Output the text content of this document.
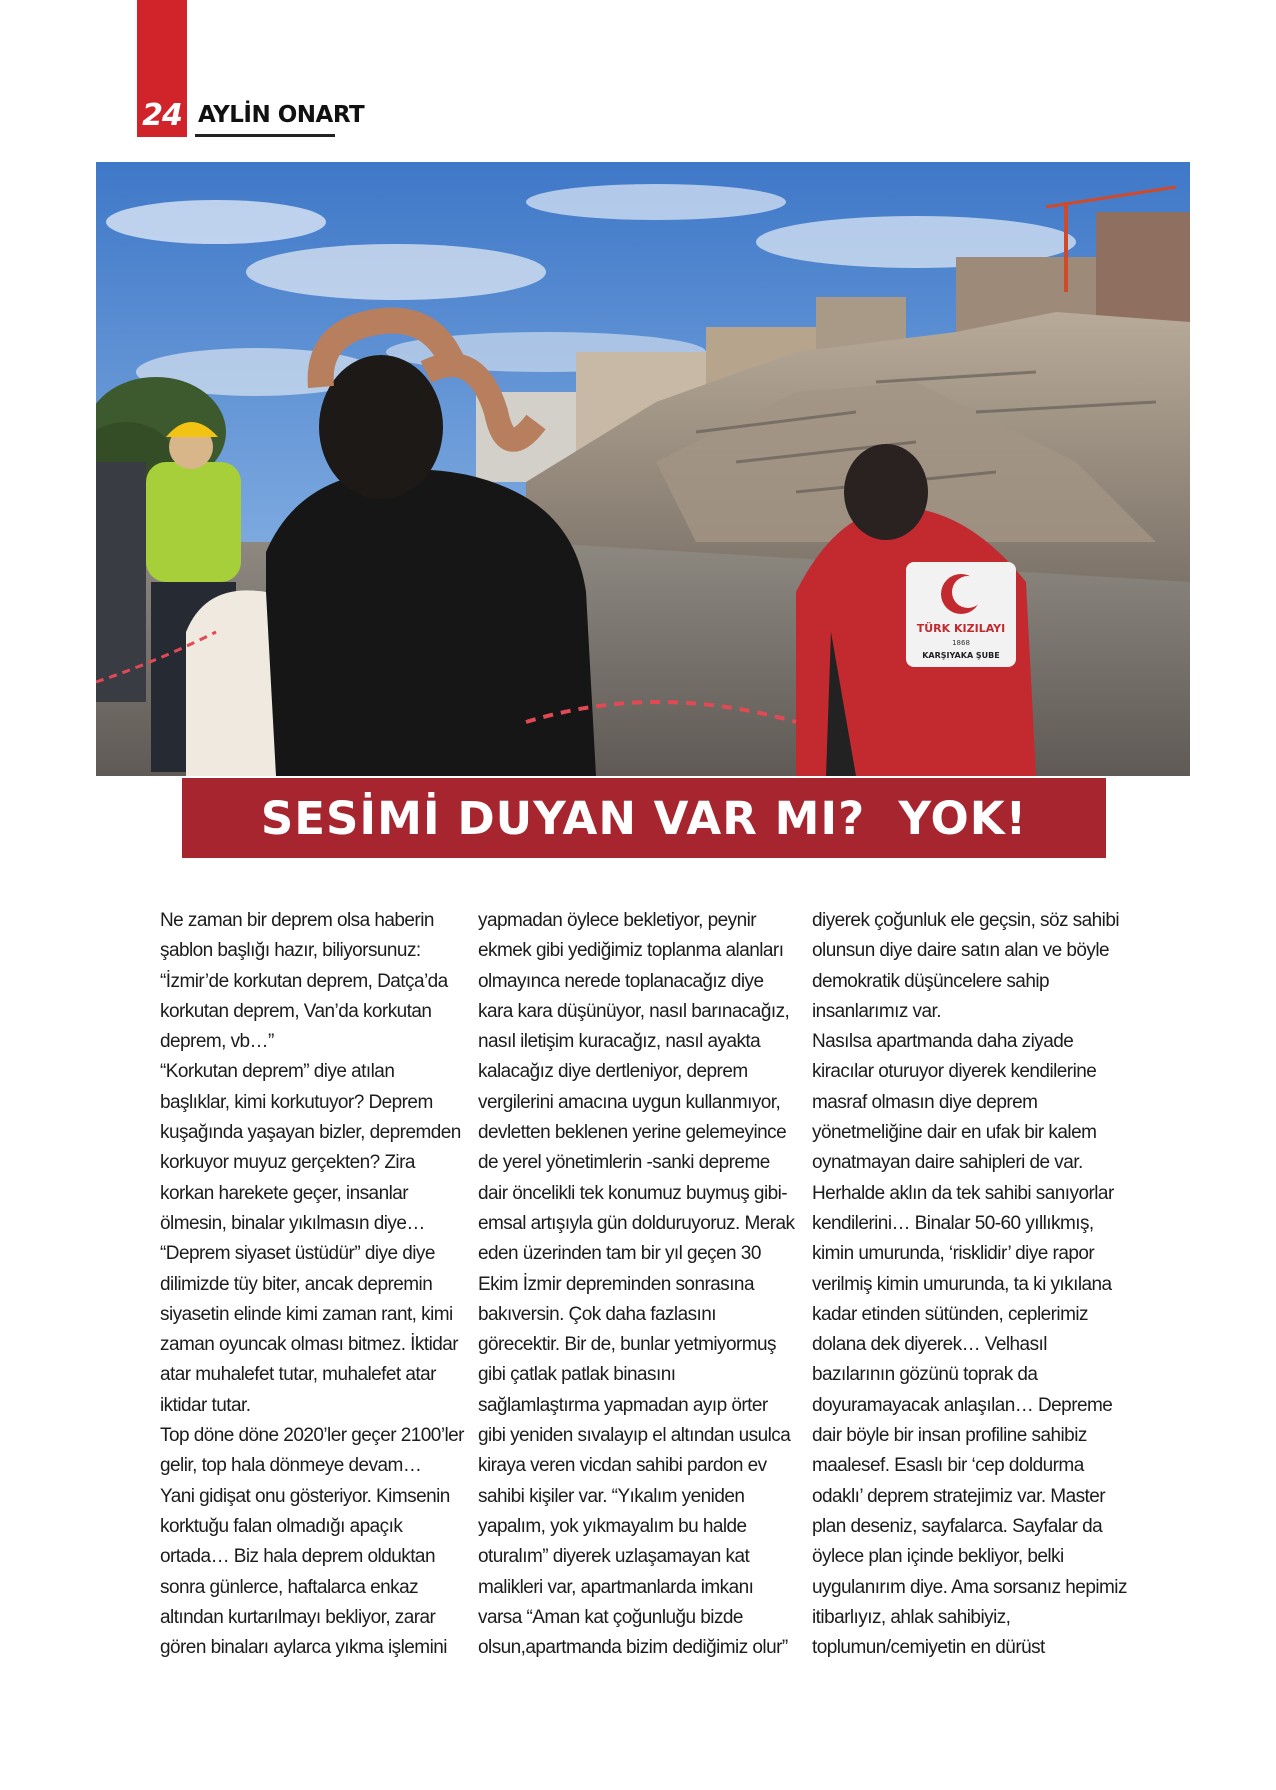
24 AYLİN ONART
TÜRK KIZILAYI
1868
KARŞIYAKA ŞUBE
SESİMİ DUYAN VAR MI?  YOK!
Ne zaman bir deprem olsa haberin
şablon başlığı hazır, biliyorsunuz:
“İzmir’de korkutan deprem, Datça’da
korkutan deprem, Van’da korkutan
deprem, vb…”
“Korkutan deprem” diye atılan
başlıklar, kimi korkutuyor? Deprem
kuşağında yaşayan bizler, depremden
korkuyor muyuz gerçekten? Zira
korkan harekete geçer, insanlar
ölmesin, binalar yıkılmasın diye…
“Deprem siyaset üstüdür” diye diye
dilimizde tüy biter, ancak depremin
siyasetin elinde kimi zaman rant, kimi
zaman oyuncak olması bitmez. İktidar
atar muhalefet tutar, muhalefet atar
iktidar tutar.
Top döne döne 2020’ler geçer 2100’ler
gelir, top hala dönmeye devam…
Yani gidişat onu gösteriyor. Kimsenin
korktuğu falan olmadığı apaçık
ortada… Biz hala deprem olduktan
sonra günlerce, haftalarca enkaz
altından kurtarılmayı bekliyor, zarar
gören binaları aylarca yıkma işlemini
yapmadan öylece bekletiyor, peynir
ekmek gibi yediğimiz toplanma alanları
olmayınca nerede toplanacağız diye
kara kara düşünüyor, nasıl barınacağız,
nasıl iletişim kuracağız, nasıl ayakta
kalacağız diye dertleniyor, deprem
vergilerini amacına uygun kullanmıyor,
devletten beklenen yerine gelemeyince
de yerel yönetimlerin -sanki depreme
dair öncelikli tek konumuz buymuş gibi-
emsal artışıyla gün dolduruyoruz. Merak
eden üzerinden tam bir yıl geçen 30
Ekim İzmir depreminden sonrasına
bakıversin. Çok daha fazlasını
görecektir. Bir de, bunlar yetmiyormuş
gibi çatlak patlak binasını
sağlamlaştırma yapmadan ayıp örter
gibi yeniden sıvalayıp el altından usulca
kiraya veren vicdan sahibi pardon ev
sahibi kişiler var. “Yıkalım yeniden
yapalım, yok yıkmayalım bu halde
oturalım” diyerek uzlaşamayan kat
malikleri var, apartmanlarda imkanı
varsa “Aman kat çoğunluğu bizde
olsun,apartmanda bizim dediğimiz olur”
diyerek çoğunluk ele geçsin, söz sahibi
olunsun diye daire satın alan ve böyle
demokratik düşüncelere sahip
insanlarımız var.
Nasılsa apartmanda daha ziyade
kiracılar oturuyor diyerek kendilerine
masraf olmasın diye deprem
yönetmeliğine dair en ufak bir kalem
oynatmayan daire sahipleri de var.
Herhalde aklın da tek sahibi sanıyorlar
kendilerini… Binalar 50-60 yıllıkmış,
kimin umurunda, ‘risklidir’ diye rapor
verilmiş kimin umurunda, ta ki yıkılana
kadar etinden sütünden, ceplerimiz
dolana dek diyerek… Velhasıl
bazılarının gözünü toprak da
doyuramayacak anlaşılan… Depreme
dair böyle bir insan profiline sahibiz
maalesef. Esaslı bir ‘cep doldurma
odaklı’ deprem stratejimiz var. Master
plan deseniz, sayfalarca. Sayfalar da
öylece plan içinde bekliyor, belki
uygulanırım diye. Ama sorsanız hepimiz
itibarlıyız, ahlak sahibiyiz,
toplumun/cemiyetin en dürüst
